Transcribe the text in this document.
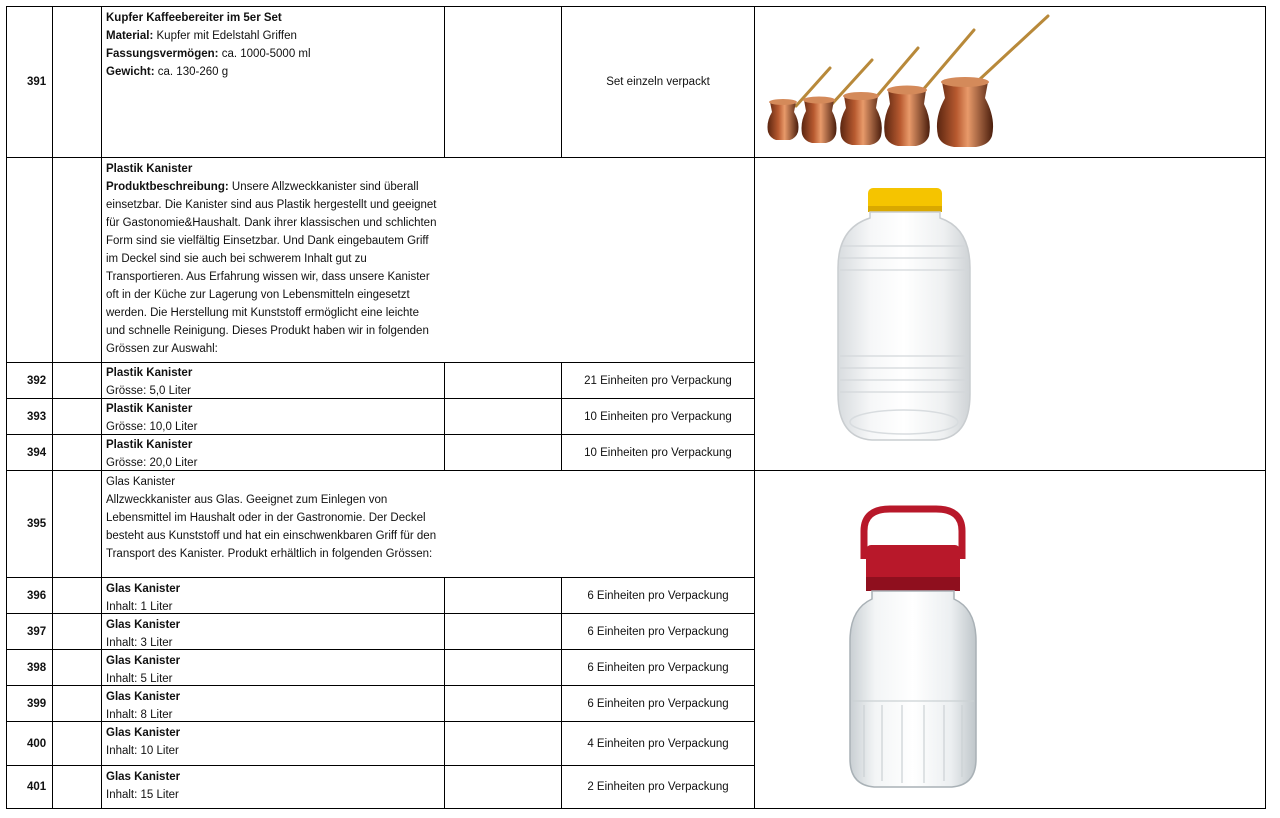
391
Kupfer Kaffeebereiter im 5er Set
Material: Kupfer mit Edelstahl Griffen
Fassungsvermögen: ca. 1000-5000 ml
Gewicht: ca. 130-260 g
Set einzeln verpackt
Plastik Kanister
Produktbeschreibung: Unsere Allzweckkanister sind überall
einsetzbar. Die Kanister sind aus Plastik hergestellt und geeignet
für Gastonomie&Haushalt. Dank ihrer klassischen und schlichten
Form sind sie vielfältig Einsetzbar. Und Dank eingebautem Griff
im Deckel sind sie auch bei schwerem Inhalt gut zu
Transportieren. Aus Erfahrung wissen wir, dass unsere Kanister
oft in der Küche zur Lagerung von Lebensmitteln eingesetzt
werden. Die Herstellung mit Kunststoff ermöglicht eine leichte
und schnelle Reinigung. Dieses Produkt haben wir in folgenden
Grössen zur Auswahl:
392
Plastik Kanister
Grösse: 5,0 Liter
21 Einheiten pro Verpackung
393
Plastik Kanister
Grösse: 10,0 Liter
10 Einheiten pro Verpackung
394
Plastik Kanister
Grösse: 20,0 Liter
10 Einheiten pro Verpackung
395
Glas Kanister
Allzweckkanister aus Glas. Geeignet zum Einlegen von
Lebensmittel im Haushalt oder in der Gastronomie. Der Deckel
besteht aus Kunststoff und hat ein einschwenkbaren Griff für den
Transport des Kanister. Produkt erhältlich in folgenden Grössen:
396
Glas Kanister
Inhalt: 1 Liter
6 Einheiten pro Verpackung
397
Glas Kanister
Inhalt: 3 Liter
6 Einheiten pro Verpackung
398
Glas Kanister
Inhalt: 5 Liter
6 Einheiten pro Verpackung
399
Glas Kanister
Inhalt: 8 Liter
6 Einheiten pro Verpackung
400
Glas Kanister
Inhalt: 10 Liter
4 Einheiten pro Verpackung
401
Glas Kanister
Inhalt: 15 Liter
2 Einheiten pro Verpackung
